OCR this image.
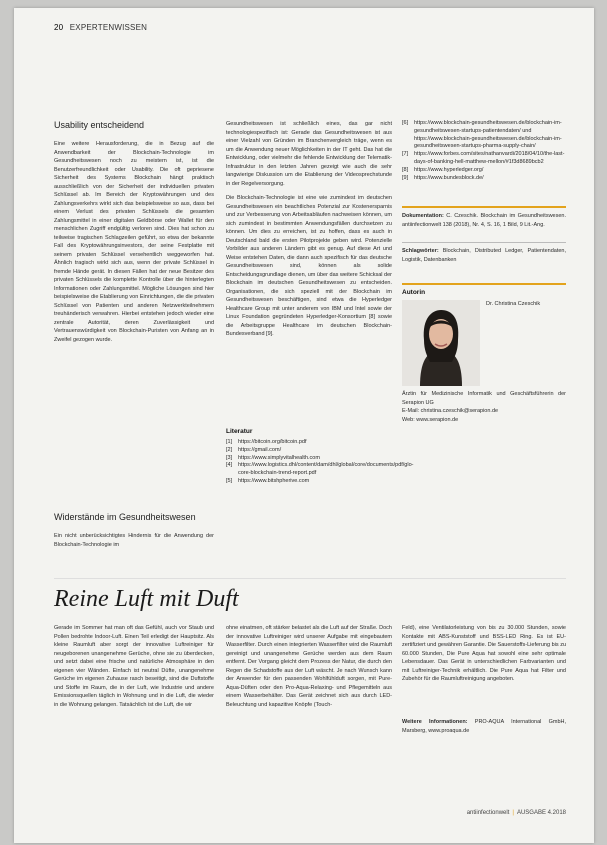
20 EXPERTENWISSEN
Usability entscheidend
Eine weitere Herausforderung, die in Bezug auf die Anwendbarkeit der Blockchain-Technologie im Gesundheitswesen noch zu meistern ist, ist die Benutzerfreundlichkeit oder Usability. Die oft gepriesene Sicherheit des Systems Blockchain hängt praktisch ausschließlich von der Sicherheit der individuellen privaten Schlüssel ab. Im Bereich der Kryptowährungen und des Zahlungsverkehrs wirkt sich das beispielsweise so aus, dass bei einem Verlust des privaten Schlüssels die gesamten Zahlungsmittel in einer digitalen Geldbörse oder Wallet für den menschlichen Zugriff endgültig verloren sind. Dies hat schon zu teilweise tragischen Schlagzeilen geführt, so etwa der bekannte Fall des Kryptowährungsinvestors, der seine Festplatte mit seinem privaten Schlüssel versehentlich weggeworfen hat. Ähnlich tragisch wirkt sich aus, wenn der private Schlüssel in fremde Hände gerät. In diesen Fällen hat der neue Besitzer des privaten Schlüssels die komplette Kontrolle über die hinterlegten Informationen oder Zahlungsmittel. Mögliche Lösungen sind hier beispielsweise die Etablierung von Einrichtungen, die die privaten Schlüssel von Patienten und anderen Netzwerkteilnehmern treuhänderisch verwahren. Hierbei entstehen jedoch wieder eine zentrale Autorität, deren Zuverlässigkeit und Vertrauenswürdigkeit von Blockchain-Puristen von Anfang an in Zweifel gezogen wurde.
Widerstände im Gesundheitswesen
Ein nicht unberücksichtigtes Hindernis für die Anwendung der Blockchain-Technologie im
Gesundheitswesen ist schließlich eines, das gar nicht technologiespezifisch ist: Gerade das Gesundheitswesen ist aus einer Vielzahl von Gründen im Branchenvergleich träge, wenn es um die Anwendung neuer Möglichkeiten in der IT geht. Das hat die Entwicklung, oder vielmehr die fehlende Entwicklung der Telematik-Infrastruktur in den letzten Jahren gezeigt wie auch die sehr langwierige Diskussion um die Etablierung der Videosprechstunde in der Regelversorgung.
Die Blockchain-Technologie ist eine wie zumindest im deutschen Gesundheitswesen ein beachtliches Potenzial zur Kostenersparnis und zur Verbesserung von Arbeitsabläufen nachweisen können, um sich zumindest in bestimmten Anwendungsfällen durchsetzen zu können. Um dies zu erreichen, ist zu hoffen, dass es auch in Deutschland bald die ersten Pilotprojekte geben wird. Potenzielle Vorbilder aus anderen Ländern gibt es genug. Auf diese Art und Weise entstehen Daten, die dann auch spezifisch für das deutsche Gesundheitswesen sind, können als solide Entscheidungsgrundlage dienen, um über das weitere Schicksal der Blockchain im deutschen Gesundheitswesen zu entscheiden. Organisationen, die sich speziell mit der Blockchain im Gesundheitswesen beschäftigen, sind etwa die Hyperledger Healthcare Group mit unter anderem von IBM und Intel sowie der Linux Foundation gegründeten Hyperledger-Konsortium [8] sowie die Arbeitsgruppe Healthcare im deutschen Blockchain-Bundesverband [9].
Literatur
[1]	https://bitcoin.org/bitcoin.pdf
[2]	https://gmail.com/
[3]	https://www.simplyvitalhealth.com
[4]	https://www.logistics.dhl/content/dam/dhl/global/core/documents/pdf/glo-core-blockchain-trend-report.pdf
[5]	https://www.bitshpherive.com
[6]	https://www.blockchain-gesundheitswesen.de/blockchain-im-gesundheitswesen-startups-patientendaten/ und https://www.blockchain-gesundheitswesen.de/blockchain-im-gesundheitswesen-startups-pharma-supply-chain/
[7]	https://www.forbes.com/sites/nathanvardi/2018/04/10/the-last-days-of-banking-hell-matthew-mellon/#1f3d8689bcb2
[8]	https://www.hyperledger.org/
[9]	https://www.bundesblock.de/
Dokumentation: C. Czeschik. Blockchain im Gesundheitswesen. antiinfectionwelt 138 (2018), Nr. 4, S. 16, 1 Bild, 9 Lit.-Ang.
Schlagwörter: Blockchain, Distributed Ledger, Patientendaten, Logistik, Datenbanken
Autorin
Dr. Christina Czeschik
Ärztin für Medizinische Informatik und Geschäftsführerin der Serapion UG
E-Mail: christina.czeschik@serapion.de
Web: www.serapion.de
Reine Luft mit Duft
Gerade im Sommer hat man oft das Gefühl, auch vor Staub und Pollen bedrohte Indoor-Luft. Einen Teil erledigt der Hauptsitz. Als kleine Raumluft aber sorgt der innovative Luftreiniger für neugeborenen unangenehme Gerüche, ohne sie zu überdecken, und setzt dabei eine frische und natürliche Atmosphäre in den eigenen vier Wänden. Einfach ist neutral Düfte, unangenehme Gerüche im eigenen Zuhause rasch beseitigt, sind die Duftstoffe und Stoffe im Raum, die in der Luft, wie Industrie und andere Emissionsquellen täglich in Wohnung und in die Luft, die wieder in die Wohnung gelangen. Tatsächlich ist die Luft, die wir
ohne einatmen, oft stärker belastet als die Luft auf der Straße. Doch der innovative Luftreiniger wird unserer Aufgabe mit eingebautem Wasserfilter. Durch einen integrierten Wasserfilter wird die Raumluft gereinigt und unangenehme Gerüche werden aus dem Raum entfernt. Der Vorgang gleicht dem Prozess der Natur, die durch den Regen die Schadstoffe aus der Luft wäscht. Je nach Wunsch kann der Anwender für den passenden Wohlfühlduft sorgen, mit Pure-Aqua-Düften oder den Pro-Aqua-Relaxing- und Pflegemitteln aus einem Wasserbehälter. Das Gerät zeichnet sich aus durch LED-Beleuchtung und kapazitive Knöpfe (Touch-
Feld), eine Ventilatorleistung von bis zu 30.000 Stunden, sowie Kontakte mit ABS-Kunststoff und BSS-LED Ring. Es ist EU-zertifiziert und gewähren Garantie. Die Sauerstoffs-Lieferung bis zu 60.000 Stunden, Die Pure Aqua hat sowohl eine sehr optimale Lebensdauer. Das Gerät in unterschiedlichen Farbvarianten und mit Luftreiniger-Technik erhältlich. Die Pure Aqua hat Filter und Zubehör für die Raumluftreinigung angeboten.
Weitere Informationen: PRO-AQUA International GmbH, Marsberg, www.proaqua.de
antiinfectionwelt | AUSGABE 4.2018
